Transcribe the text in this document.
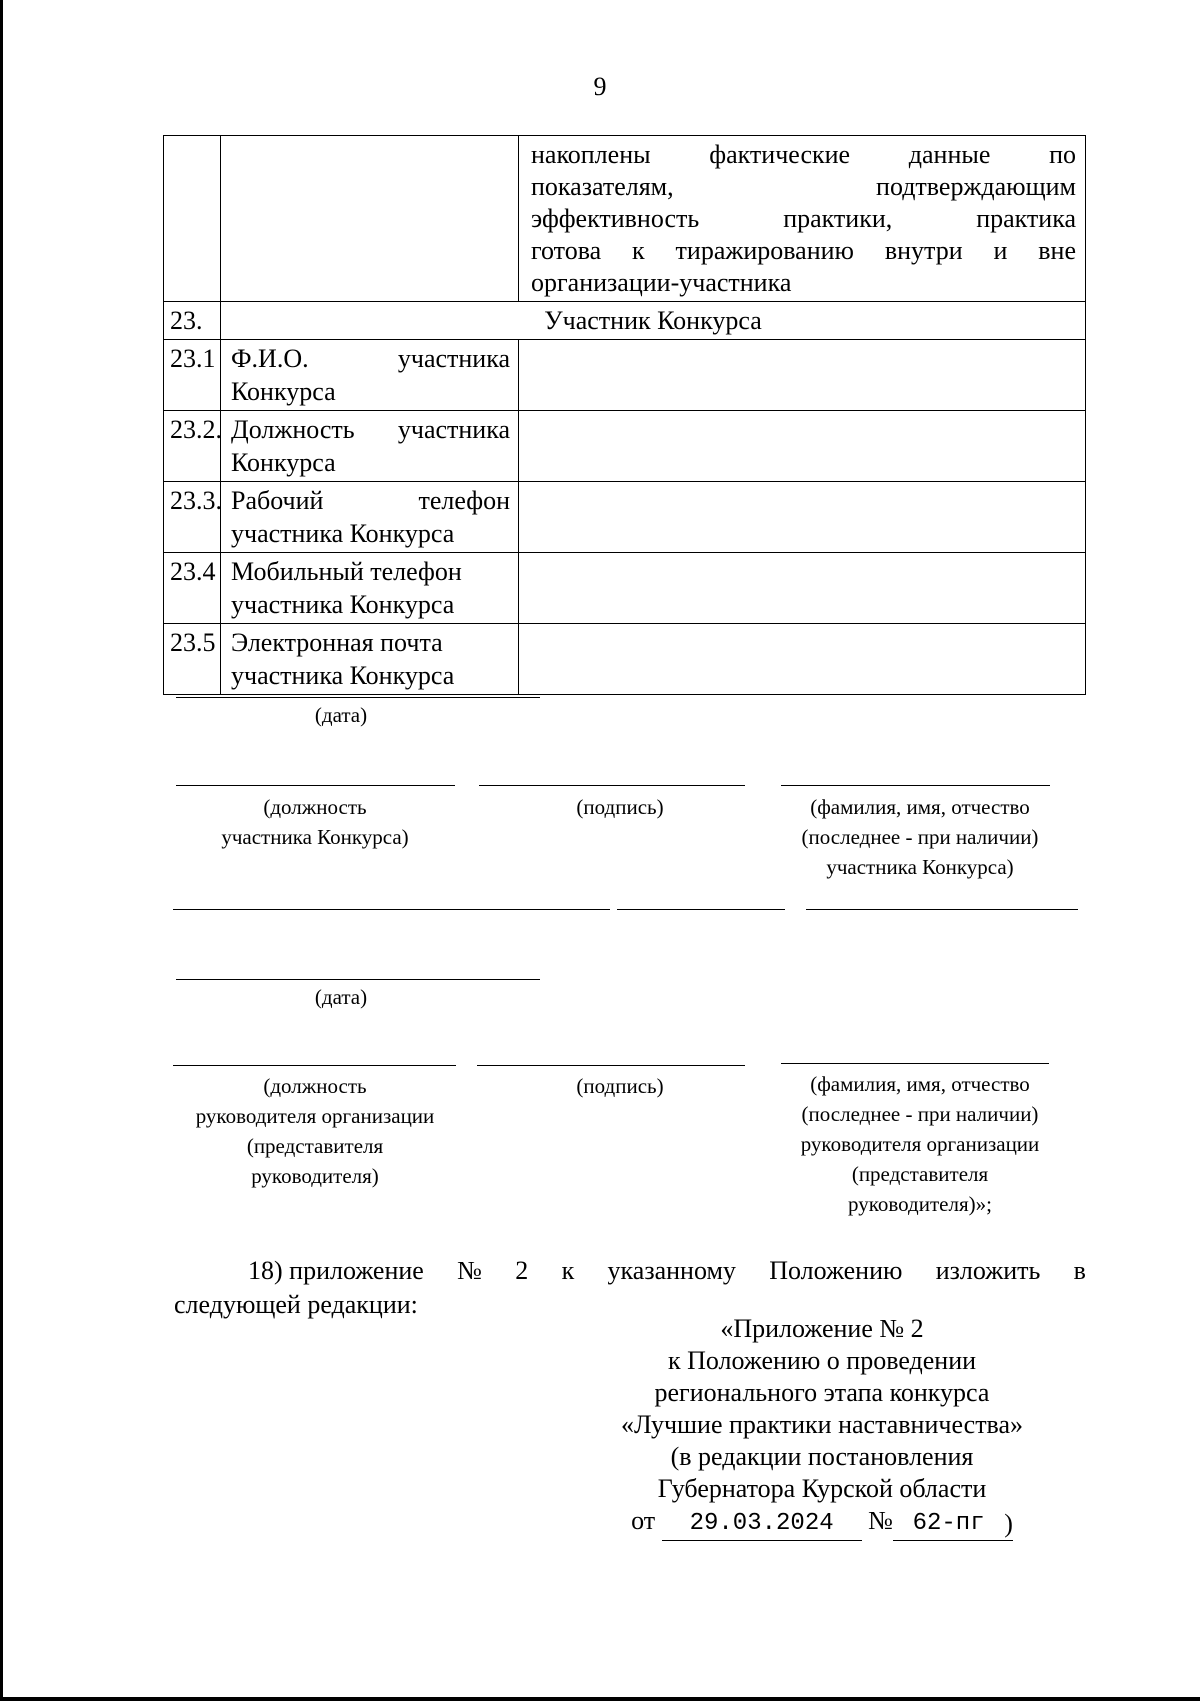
9

		накоплены фактические данные по
показателям, подтверждающим
эффективность практики, практика
готова к тиражированию внутри и вне
организации-участника

23.	Участник Конкурса	
23.1	Ф.И.О. участника
Конкурса	

23.2.	Должность участника
Конкурса	

23.3.	Рабочий телефон
участника Конкурса	

23.4	Мобильный телефон
участника Конкурса	

23.5	Электронная почта
участника Конкурса	

(дата)
(должность
участника Конкурса)
(подпись)	(фамилия, имя, отчество
(последнее - при наличии)
участника Конкурса)
(дата)
(должность
руководителя организации
(представителя
руководителя)
(подпись)	(фамилия, имя, отчество
(последнее - при наличии)
руководителя организации
(представителя
руководителя)»;
18) приложение № 2 к указанному Положению изложить в
следующей редакции:
«Приложение № 2
к Положению о проведении
регионального этапа конкурса
«Лучшие практики наставничества»
(в редакции постановления
Губернатора Курской области
от 29.03.2024 № 62-пг )
